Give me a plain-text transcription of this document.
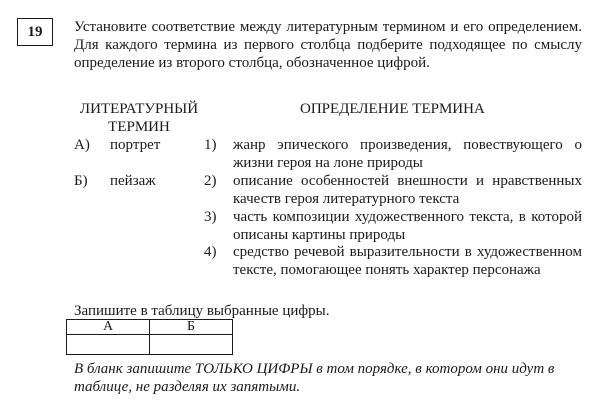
19	Установите соответствие между литературным термином и его определением. Для каждого термина из первого столбца подберите подходящее по смыслу определение из второго столбца, обозначенное цифрой.
ЛИТЕРАТУРНЫЙ ТЕРМИН
ОПРЕДЕЛЕНИЕ ТЕРМИНА
А) портрет
Б) пейзаж
1)	жанр эпического произведения, повествующего о жизни героя на лоне природы
2)	описание особенностей внешности и нравственных качеств героя литературного текста
3)	часть композиции художественного текста, в которой описаны картины природы
4)	средство речевой выразительности в художественном тексте, помогающее понять характер персонажа
Запишите в таблицу выбранные цифры.
А	Б

В бланк запишите ТОЛЬКО ЦИФРЫ в том порядке, в котором они идут в таблице, не разделяя их запятыми.
